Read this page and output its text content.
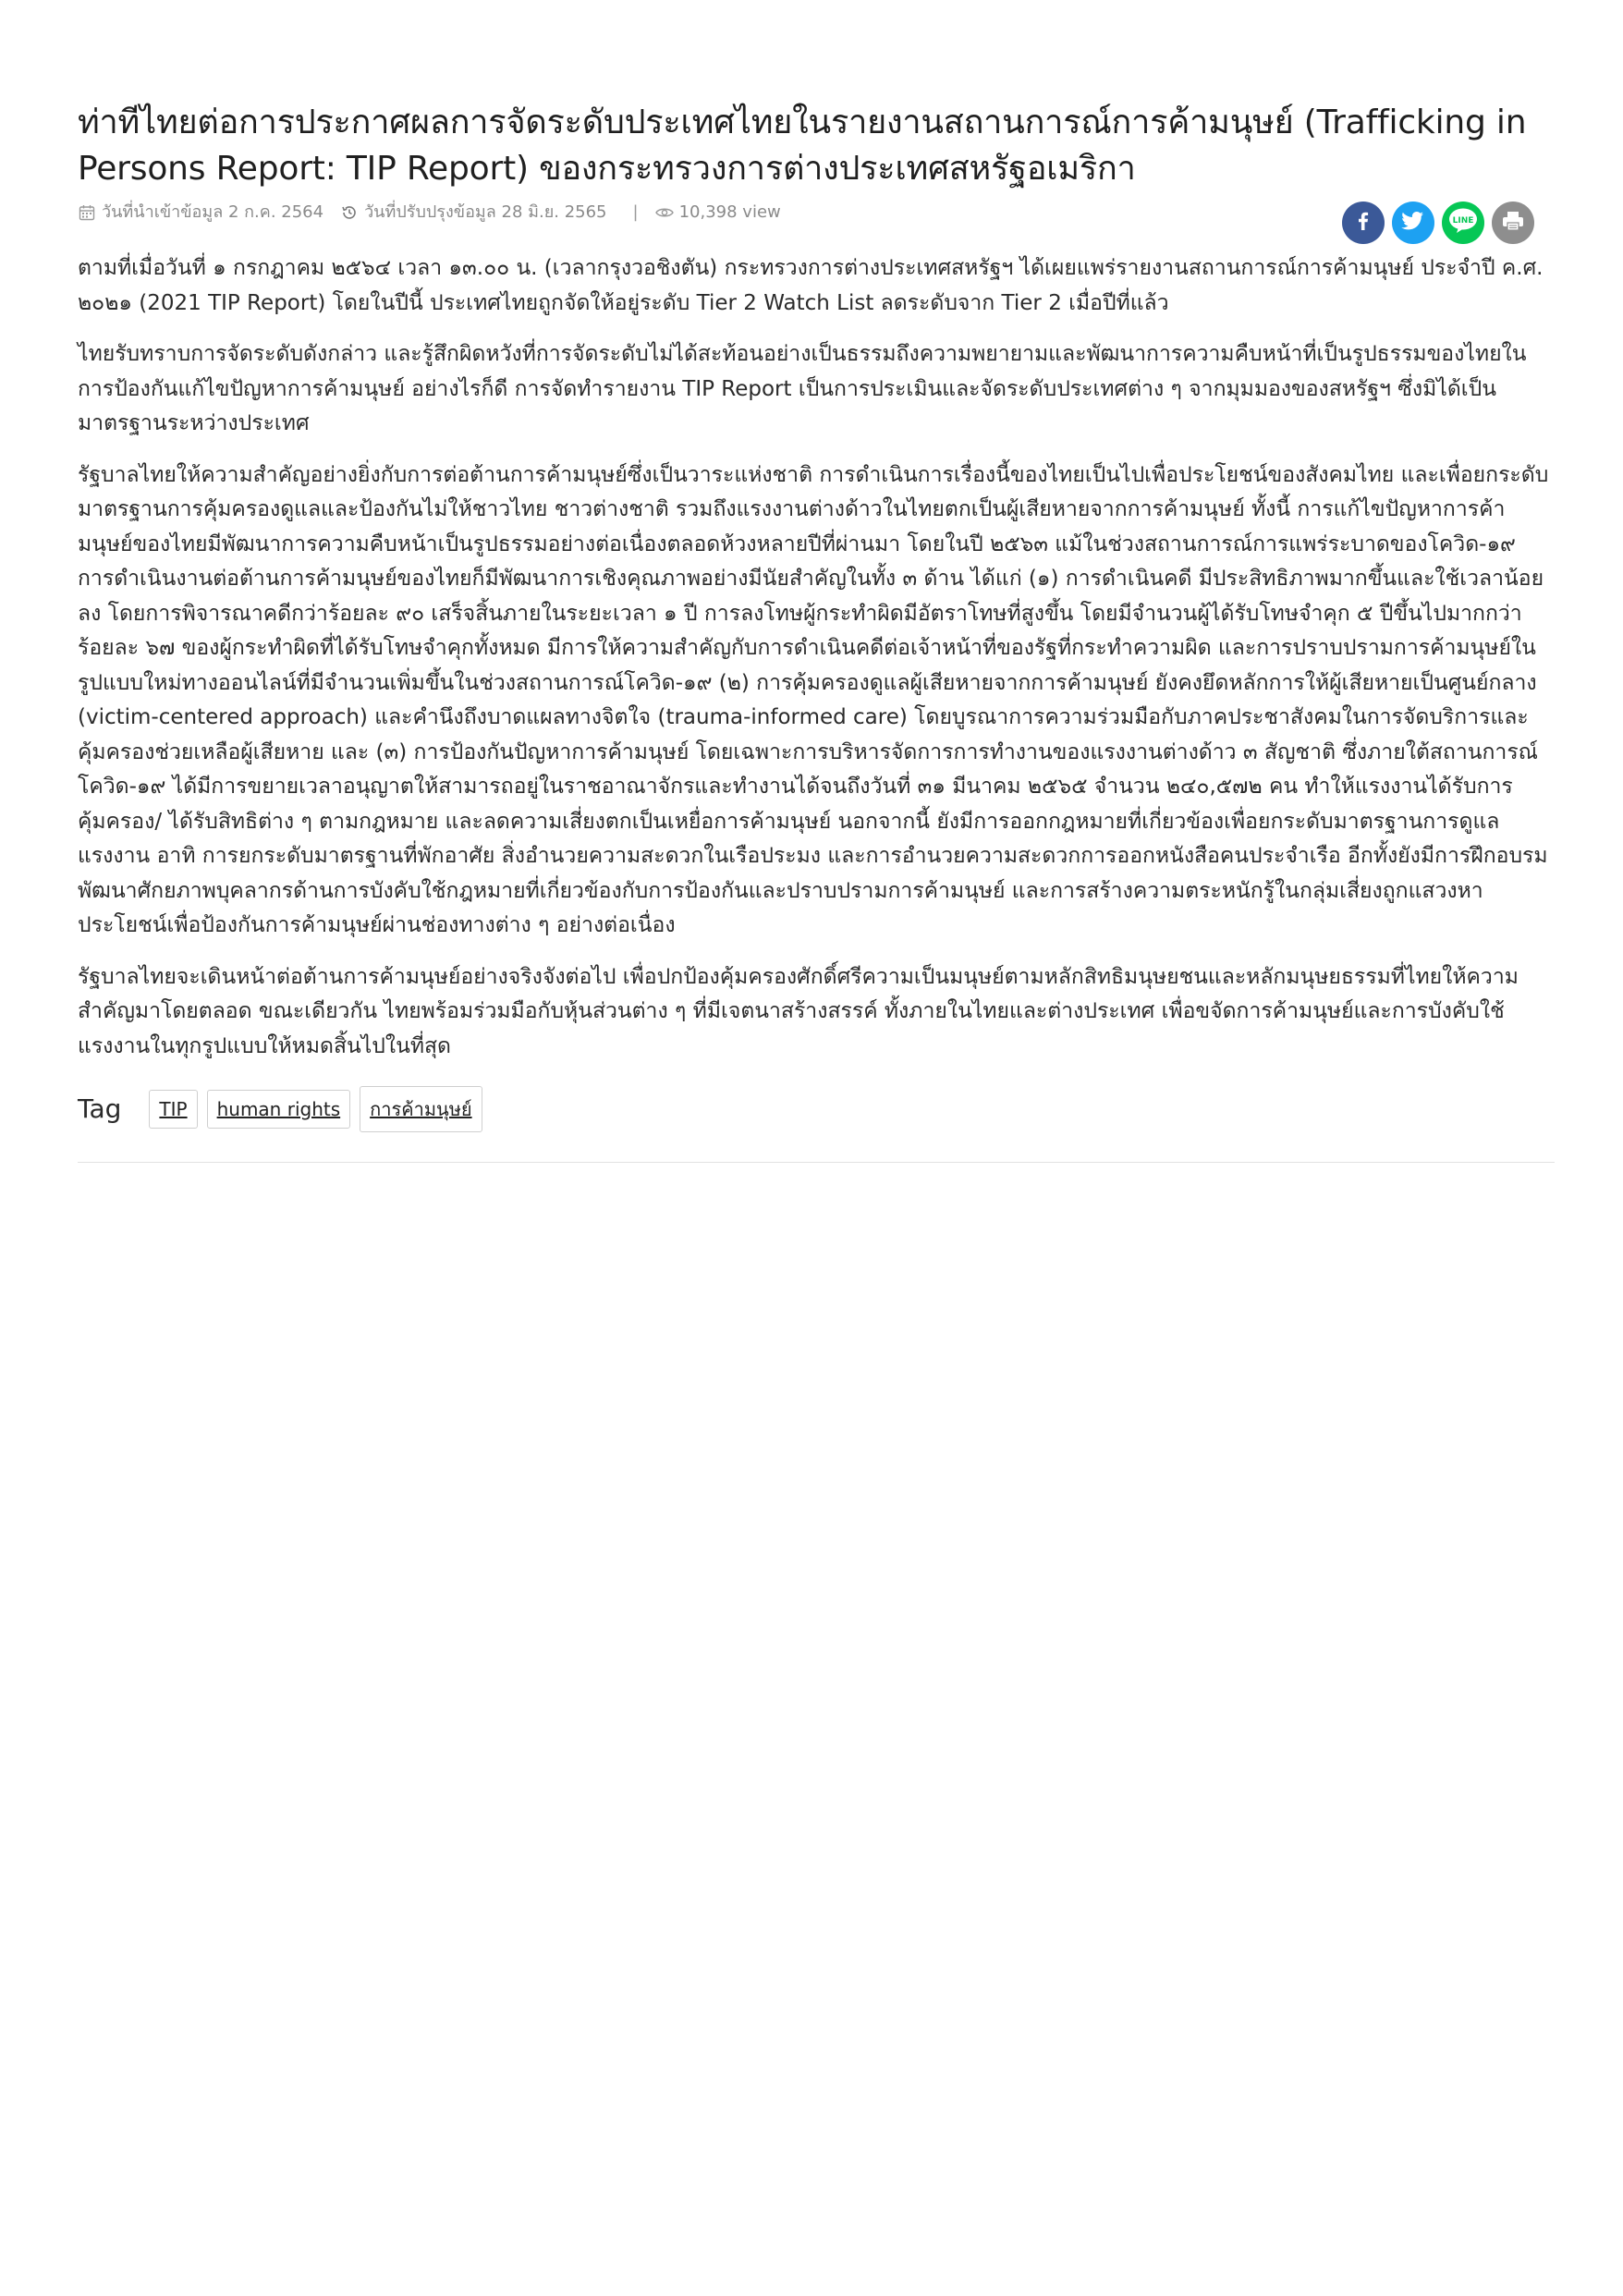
ท่าทีไทยต่อการประกาศผลการจัดระดับประเทศไทยในรายงานสถานการณ์การค้ามนุษย์ (Trafficking in Persons Report: TIP Report) ของกระทรวงการต่างประเทศสหรัฐอเมริกา
วันที่นำเข้าข้อมูล 2 ก.ค. 2564 วันที่ปรับปรุงข้อมูล 28 มิ.ย. 2565 | 10,398 view	LINE

ตามที่เมื่อวันที่ ๑ กรกฎาคม ๒๕๖๔ เวลา ๑๓.๐๐ น. (เวลากรุงวอชิงตัน) กระทรวงการต่างประเทศสหรัฐฯ ได้เผยแพร่รายงานสถานการณ์การค้ามนุษย์ ประจำปี ค.ศ. ๒๐๒๑ (2021 TIP Report) โดยในปีนี้ ประเทศไทยถูกจัดให้อยู่ระดับ Tier 2 Watch List ลดระดับจาก Tier 2 เมื่อปีที่แล้ว

ไทยรับทราบการจัดระดับดังกล่าว และรู้สึกผิดหวังที่การจัดระดับไม่ได้สะท้อนอย่างเป็นธรรมถึงความพยายามและพัฒนาการความคืบหน้าที่เป็นรูปธรรมของไทยในการป้องกันแก้ไขปัญหาการค้ามนุษย์ อย่างไรก็ดี การจัดทำรายงาน TIP Report เป็นการประเมินและจัดระดับประเทศต่าง ๆ จากมุมมองของสหรัฐฯ ซึ่งมิได้เป็นมาตรฐานระหว่างประเทศ

รัฐบาลไทยให้ความสำคัญอย่างยิ่งกับการต่อต้านการค้ามนุษย์ซึ่งเป็นวาระแห่งชาติ การดำเนินการเรื่องนี้ของไทยเป็นไปเพื่อประโยชน์ของสังคมไทย และเพื่อยกระดับมาตรฐานการคุ้มครองดูแลและป้องกันไม่ให้ชาวไทย ชาวต่างชาติ รวมถึงแรงงานต่างด้าวในไทยตกเป็นผู้เสียหายจากการค้ามนุษย์ ทั้งนี้ การแก้ไขปัญหาการค้ามนุษย์ของไทยมีพัฒนาการความคืบหน้าเป็นรูปธรรมอย่างต่อเนื่องตลอดห้วงหลายปีที่ผ่านมา โดยในปี ๒๕๖๓ แม้ในช่วงสถานการณ์การแพร่ระบาดของโควิด-๑๙ การดำเนินงานต่อต้านการค้ามนุษย์ของไทยก็มีพัฒนาการเชิงคุณภาพอย่างมีนัยสำคัญในทั้ง ๓ ด้าน ได้แก่ (๑) การดำเนินคดี มีประสิทธิภาพมากขึ้นและใช้เวลาน้อยลง โดยการพิจารณาคดีกว่าร้อยละ ๙๐ เสร็จสิ้นภายในระยะเวลา ๑ ปี การลงโทษผู้กระทำผิดมีอัตราโทษที่สูงขึ้น โดยมีจำนวนผู้ได้รับโทษจำคุก ๕ ปีขึ้นไปมากกว่าร้อยละ ๖๗ ของผู้กระทำผิดที่ได้รับโทษจำคุกทั้งหมด มีการให้ความสำคัญกับการดำเนินคดีต่อเจ้าหน้าที่ของรัฐที่กระทำความผิด และการปราบปรามการค้ามนุษย์ในรูปแบบใหม่ทางออนไลน์ที่มีจำนวนเพิ่มขึ้นในช่วงสถานการณ์โควิด-๑๙ (๒) การคุ้มครองดูแลผู้เสียหายจากการค้ามนุษย์ ยังคงยึดหลักการให้ผู้เสียหายเป็นศูนย์กลาง (victim-centered approach) และคำนึงถึงบาดแผลทางจิตใจ (trauma-informed care) โดยบูรณาการความร่วมมือกับภาคประชาสังคมในการจัดบริการและคุ้มครองช่วยเหลือผู้เสียหาย และ (๓) การป้องกันปัญหาการค้ามนุษย์ โดยเฉพาะการบริหารจัดการการทำงานของแรงงานต่างด้าว ๓ สัญชาติ ซึ่งภายใต้สถานการณ์โควิด-๑๙ ได้มีการขยายเวลาอนุญาตให้สามารถอยู่ในราชอาณาจักรและทำงานได้จนถึงวันที่ ๓๑ มีนาคม ๒๕๖๕ จำนวน ๒๔๐,๕๗๒ คน ทำให้แรงงานได้รับการคุ้มครอง/ ได้รับสิทธิต่าง ๆ ตามกฎหมาย และลดความเสี่ยงตกเป็นเหยื่อการค้ามนุษย์ นอกจากนี้ ยังมีการออกกฎหมายที่เกี่ยวข้องเพื่อยกระดับมาตรฐานการดูแลแรงงาน อาทิ การยกระดับมาตรฐานที่พักอาศัย สิ่งอำนวยความสะดวกในเรือประมง และการอำนวยความสะดวกการออกหนังสือคนประจำเรือ อีกทั้งยังมีการฝึกอบรมพัฒนาศักยภาพบุคลากรด้านการบังคับใช้กฎหมายที่เกี่ยวข้องกับการป้องกันและปราบปรามการค้ามนุษย์ และการสร้างความตระหนักรู้ในกลุ่มเสี่ยงถูกแสวงหาประโยชน์เพื่อป้องกันการค้ามนุษย์ผ่านช่องทางต่าง ๆ อย่างต่อเนื่อง

รัฐบาลไทยจะเดินหน้าต่อต้านการค้ามนุษย์อย่างจริงจังต่อไป เพื่อปกป้องคุ้มครองศักดิ์ศรีความเป็นมนุษย์ตามหลักสิทธิมนุษยชนและหลักมนุษยธรรมที่ไทยให้ความสำคัญมาโดยตลอด ขณะเดียวกัน ไทยพร้อมร่วมมือกับหุ้นส่วนต่าง ๆ ที่มีเจตนาสร้างสรรค์ ทั้งภายในไทยและต่างประเทศ เพื่อขจัดการค้ามนุษย์และการบังคับใช้แรงงานในทุกรูปแบบให้หมดสิ้นไปในที่สุด

Tag	TIP	human rights	การค้ามนุษย์
